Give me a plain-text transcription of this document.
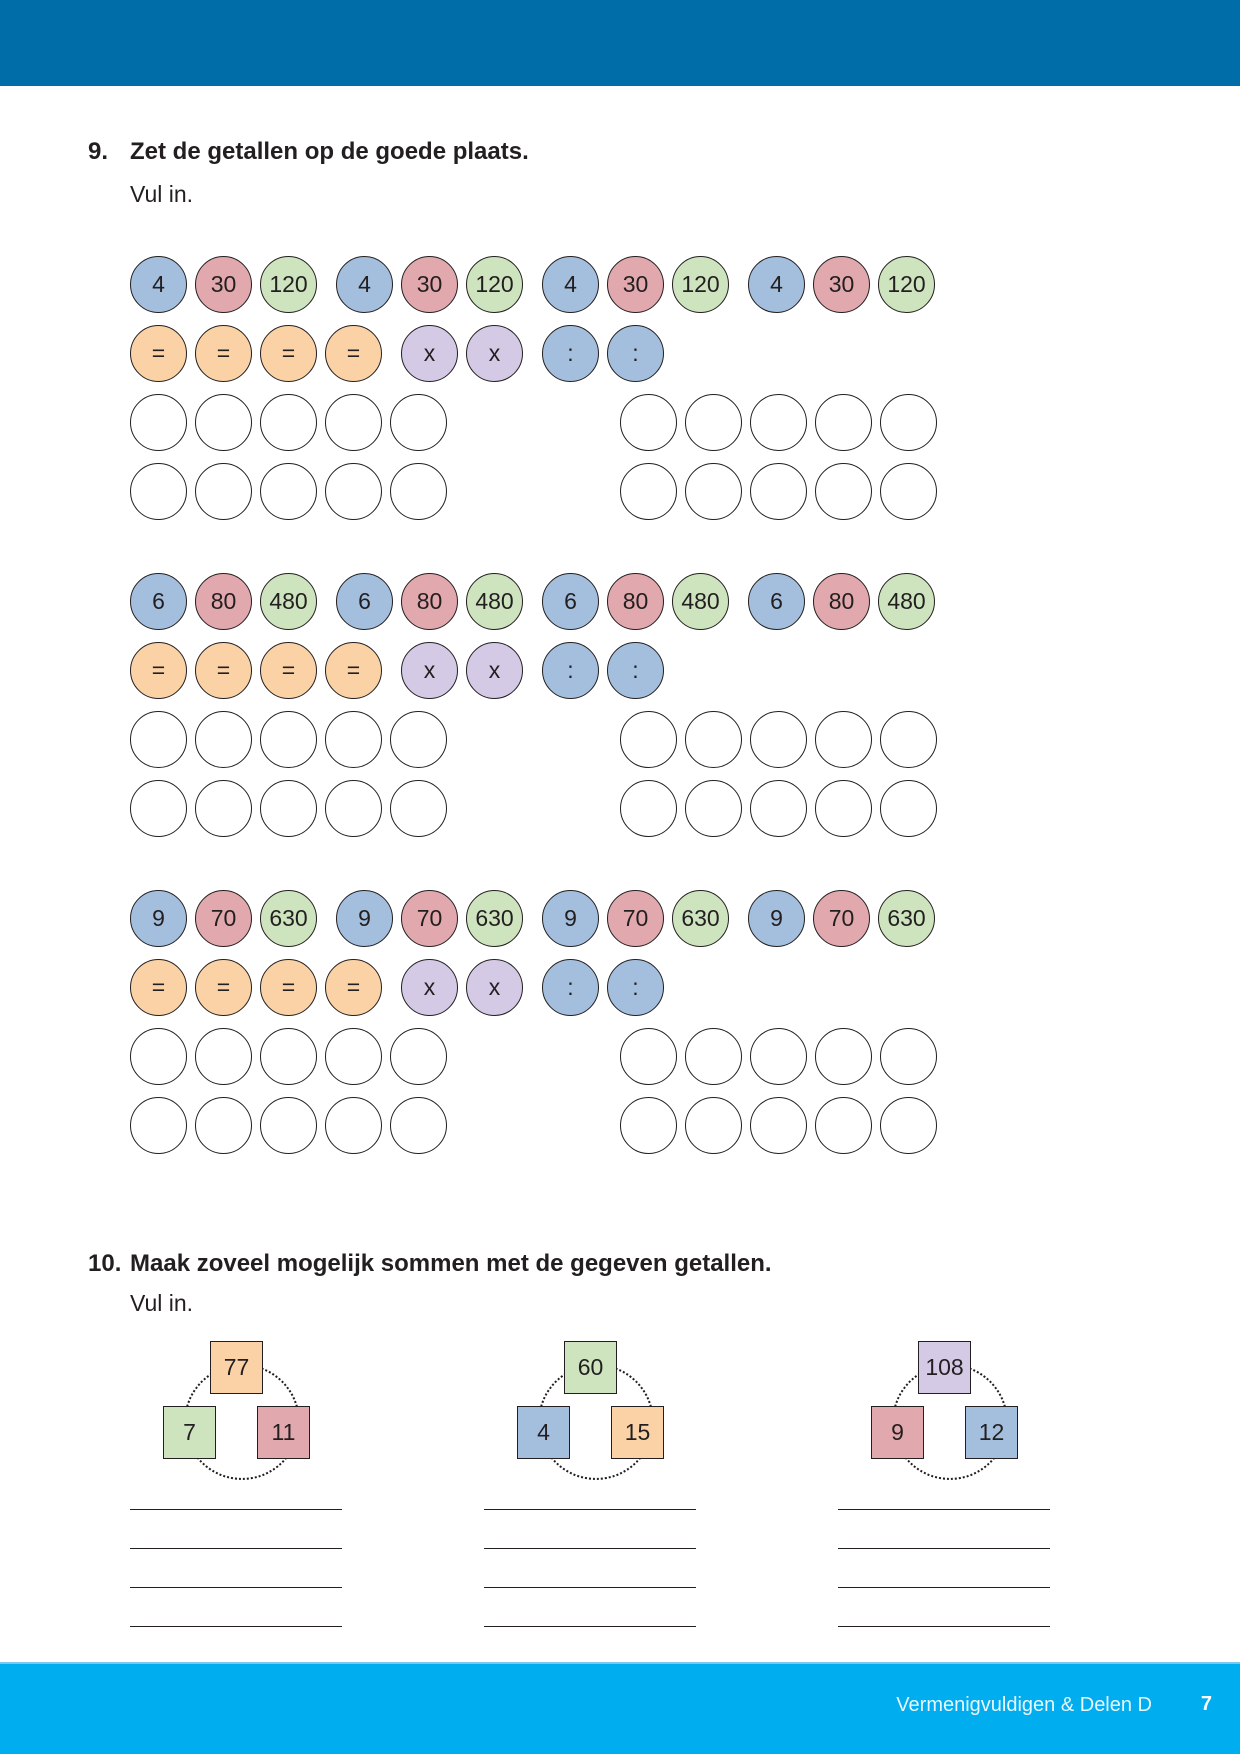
9. Zet de getallen op de goede plaats.
Vul in.
4	30	120	4	30	120	4	30	120	4	30	120
=	=	=	=	x	x	:	:
6	80	480	6	80	480	6	80	480	6	80	480
=	=	=	=	x	x	:	:
9	70	630	9	70	630	9	70	630	9	70	630
=	=	=	=	x	x	:	:
10. Maak zoveel mogelijk sommen met de gegeven getallen.
Vul in.
77
7	11
60
4	15
108
9	12
Vermenigvuldigen & Delen D 7
